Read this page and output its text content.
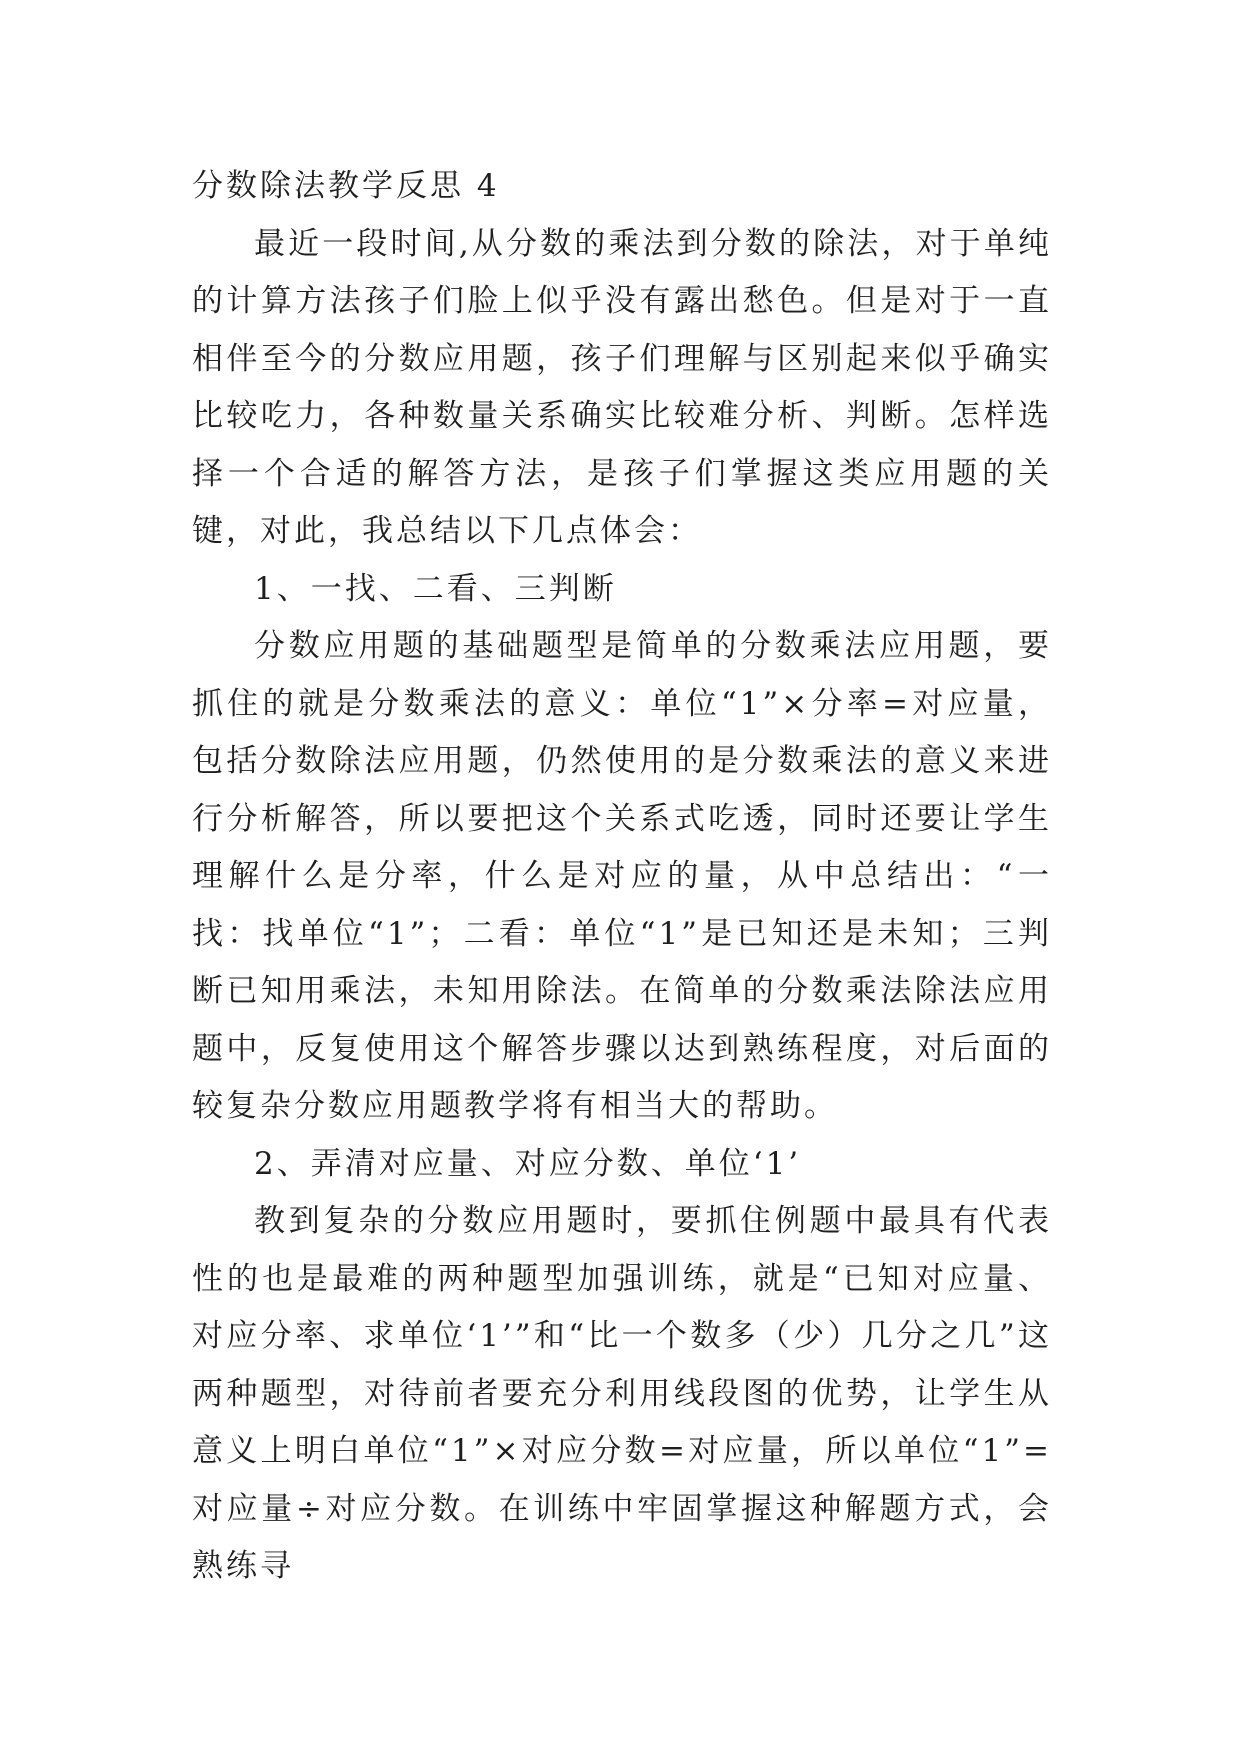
分数除法教学反思 4

最近一段时间,从分数的乘法到分数的除法，对于单纯的计算方法孩子们脸上似乎没有露出愁色。但是对于一直相伴至今的分数应用题，孩子们理解与区别起来似乎确实比较吃力，各种数量关系确实比较难分析、判断。怎样选择一个合适的解答方法，是孩子们掌握这类应用题的关键，对此，我总结以下几点体会：

1、一找、二看、三判断

分数应用题的基础题型是简单的分数乘法应用题，要抓住的就是分数乘法的意义：单位“1”×分率=对应量，包括分数除法应用题，仍然使用的是分数乘法的意义来进行分析解答，所以要把这个关系式吃透，同时还要让学生理解什么是分率，什么是对应的量，从中总结出：“一找：找单位“1”；二看：单位“1”是已知还是未知；三判断已知用乘法，未知用除法。在简单的分数乘法除法应用题中，反复使用这个解答步骤以达到熟练程度，对后面的较复杂分数应用题教学将有相当大的帮助。

2、弄清对应量、对应分数、单位‘1’

教到复杂的分数应用题时，要抓住例题中最具有代表性的也是最难的两种题型加强训练，就是“已知对应量、对应分率、求单位‘1’”和“比一个数多（少）几分之几”这两种题型，对待前者要充分利用线段图的优势，让学生从意义上明白单位“1”×对应分数=对应量，所以单位“1”=对应量÷对应分数。在训练中牢固掌握这种解题方式，会熟练寻
